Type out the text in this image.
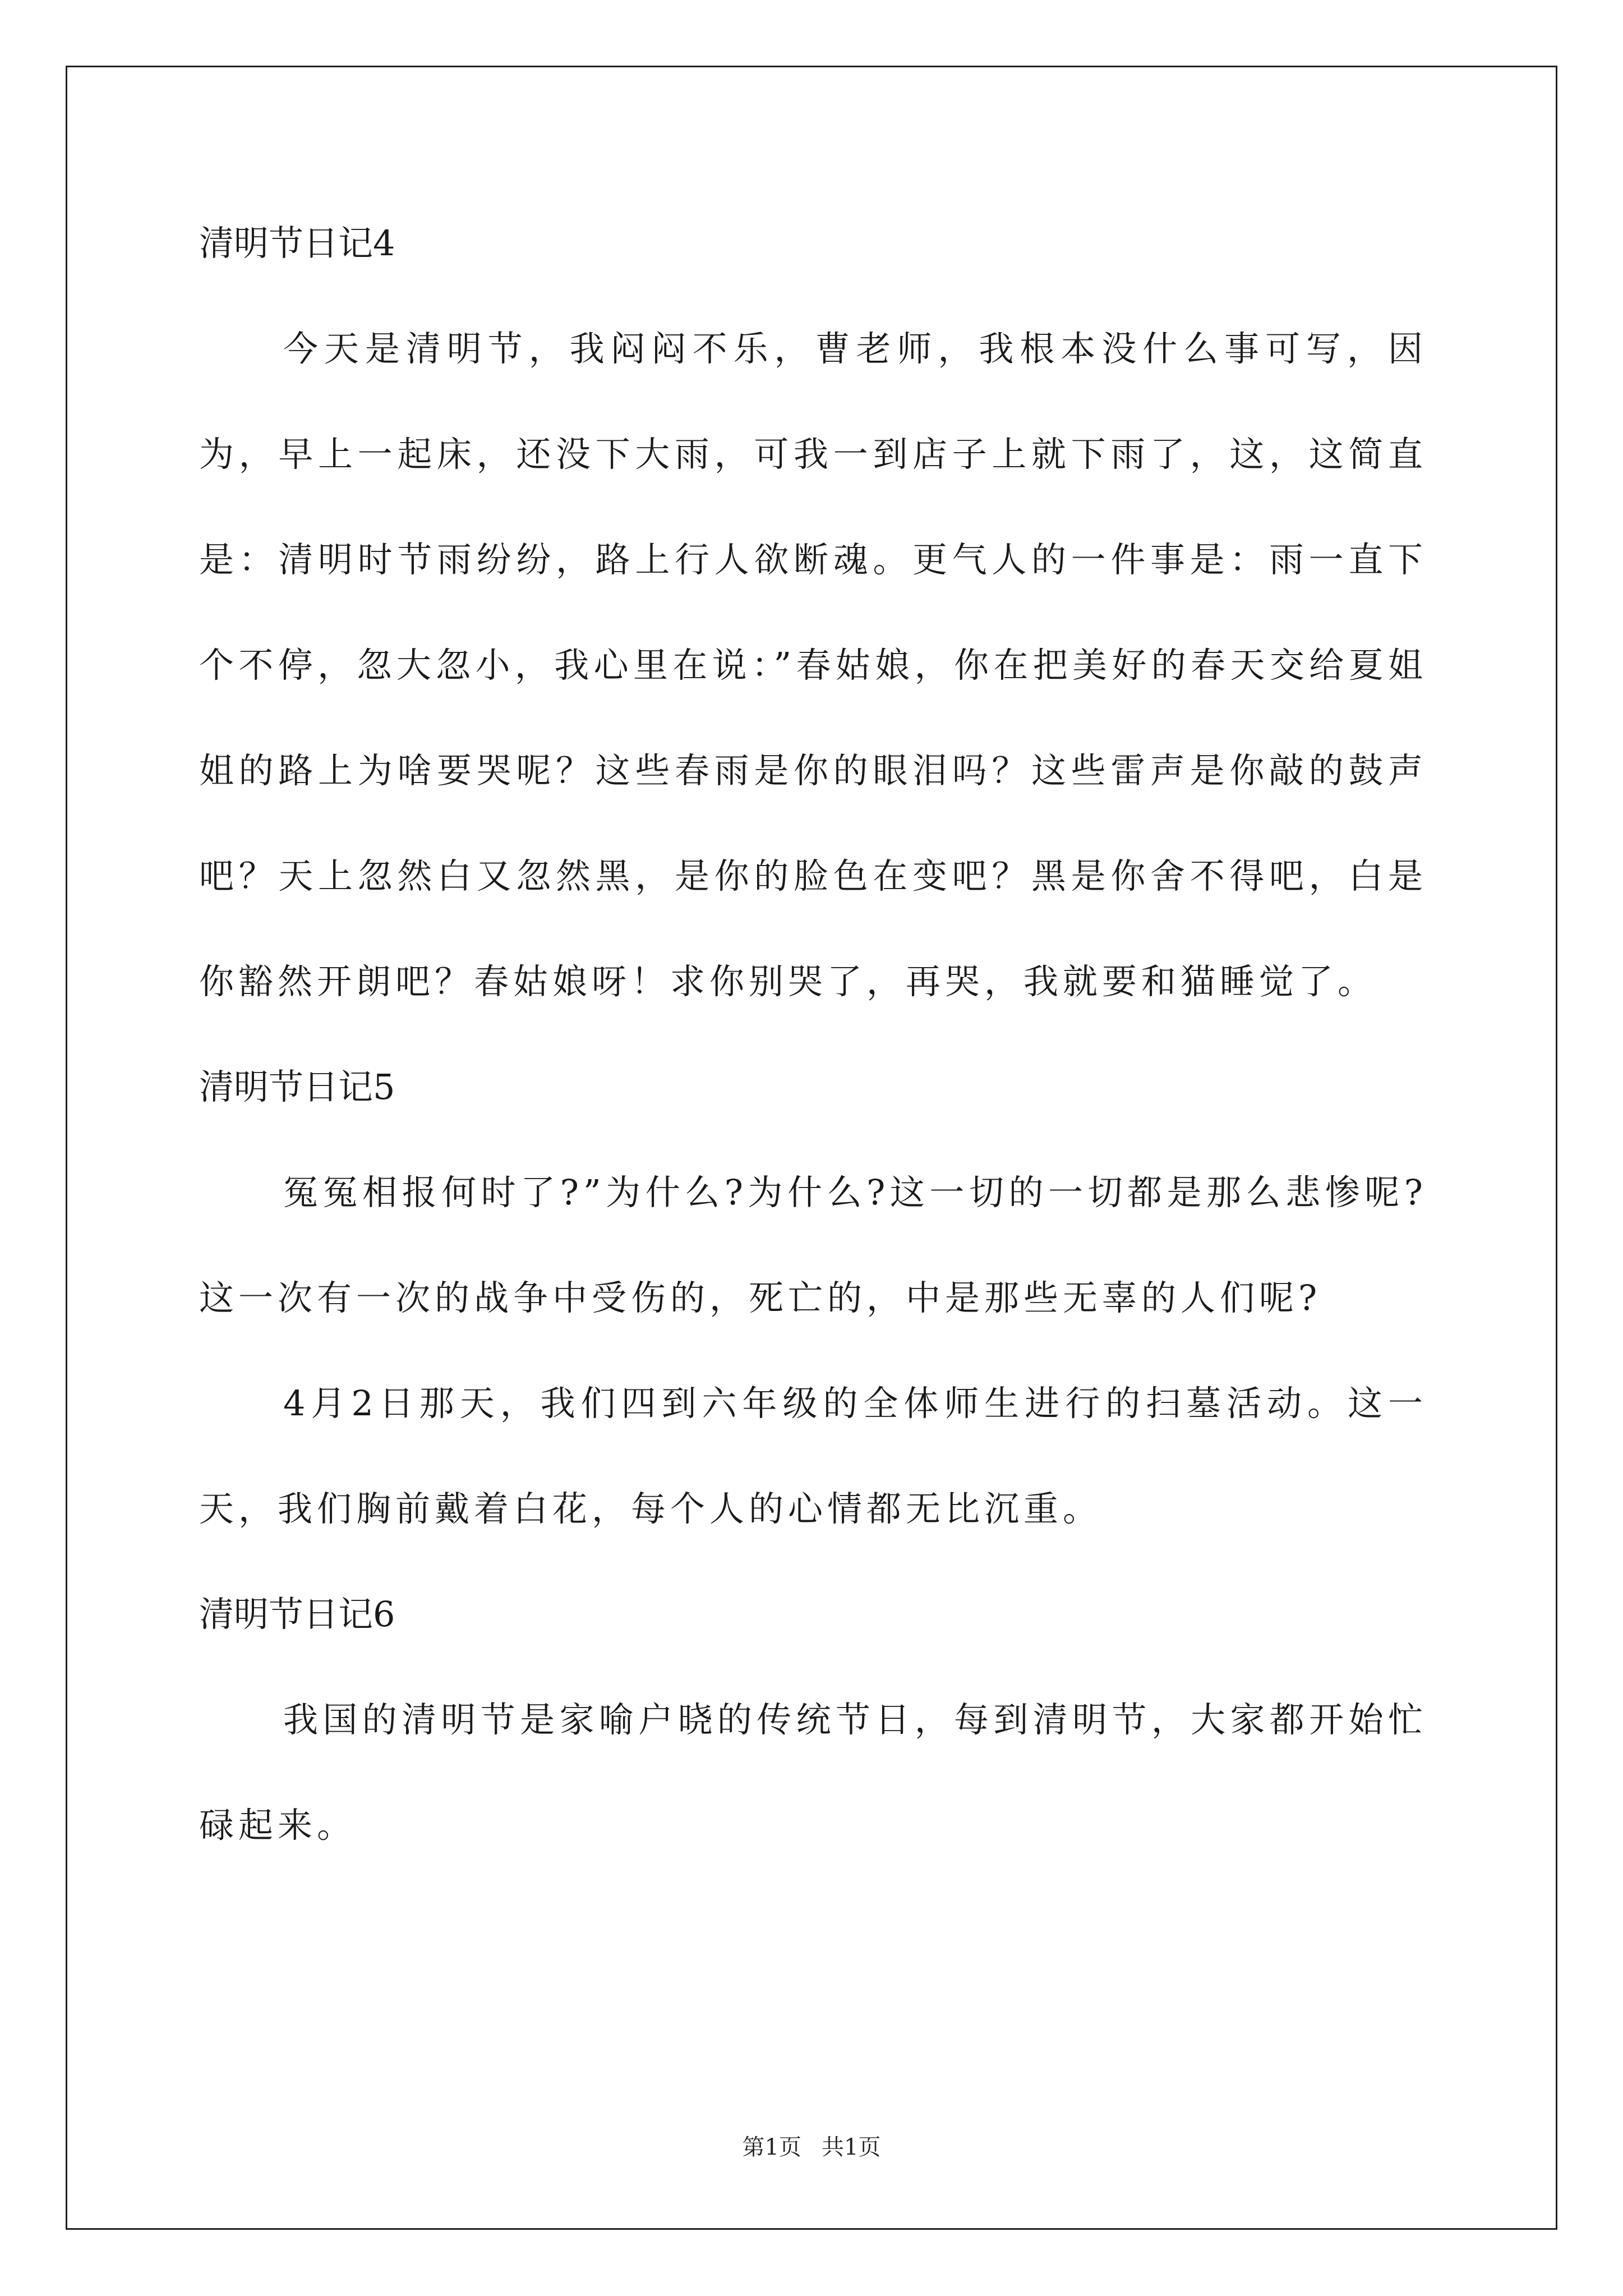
清明节日记4

今天是清明节，我闷闷不乐，曹老师，我根本没什么事可写，因为，早上一起床，还没下大雨，可我一到店子上就下雨了，这，这简直是：清明时节雨纷纷，路上行人欲断魂。更气人的一件事是：雨一直下个不停，忽大忽小，我心里在说：”春姑娘，你在把美好的春天交给夏姐姐的路上为啥要哭呢？这些春雨是你的眼泪吗？这些雷声是你敲的鼓声吧？天上忽然白又忽然黑，是你的脸色在变吧？黑是你舍不得吧，白是你豁然开朗吧？春姑娘呀！求你别哭了，再哭，我就要和猫睡觉了。

清明节日记5

冤冤相报何时了?”为什么?为什么?这一切的一切都是那么悲惨呢?这一次有一次的战争中受伤的，死亡的，中是那些无辜的人们呢?

4月2日那天，我们四到六年级的全体师生进行的扫墓活动。这一天，我们胸前戴着白花，每个人的心情都无比沉重。

清明节日记6

我国的清明节是家喻户晓的传统节日，每到清明节，大家都开始忙碌起来。

第1页 共1页
